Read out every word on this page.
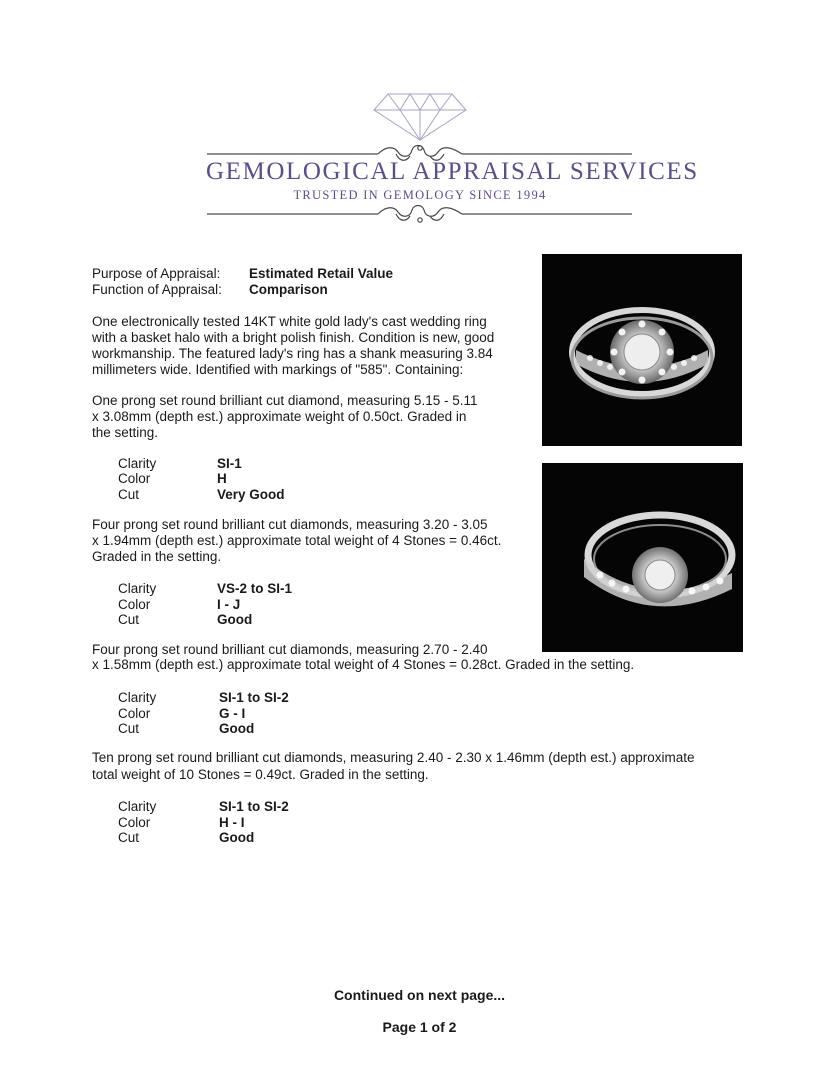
GEMOLOGICAL APPRAISAL SERVICES
TRUSTED IN GEMOLOGY SINCE 1994
Purpose of Appraisal: Estimated Retail Value
Function of Appraisal: Comparison
One electronically tested 14KT white gold lady's cast wedding ring
with a basket halo with a bright polish finish. Condition is new, good
workmanship. The featured lady's ring has a shank measuring 3.84
millimeters wide. Identified with markings of "585". Containing:
One prong set round brilliant cut diamond, measuring 5.15 - 5.11
x 3.08mm (depth est.) approximate weight of 0.50ct. Graded in
the setting.
Clarity	SI-1
Color	H
Cut	Very Good
Four prong set round brilliant cut diamonds, measuring 3.20 - 3.05
x 1.94mm (depth est.) approximate total weight of 4 Stones = 0.46ct.
Graded in the setting.
Clarity	VS-2 to SI-1
Color	I - J
Cut	Good
Four prong set round brilliant cut diamonds, measuring 2.70 - 2.40
x 1.58mm (depth est.) approximate total weight of 4 Stones = 0.28ct. Graded in the setting.
Clarity	SI-1 to SI-2
Color	G - I
Cut	Good
Ten prong set round brilliant cut diamonds, measuring 2.40 - 2.30 x 1.46mm (depth est.) approximate
total weight of 10 Stones = 0.49ct. Graded in the setting.
Clarity	SI-1 to SI-2
Color	H - I
Cut	Good
Continued on next page...
Page 1 of 2
